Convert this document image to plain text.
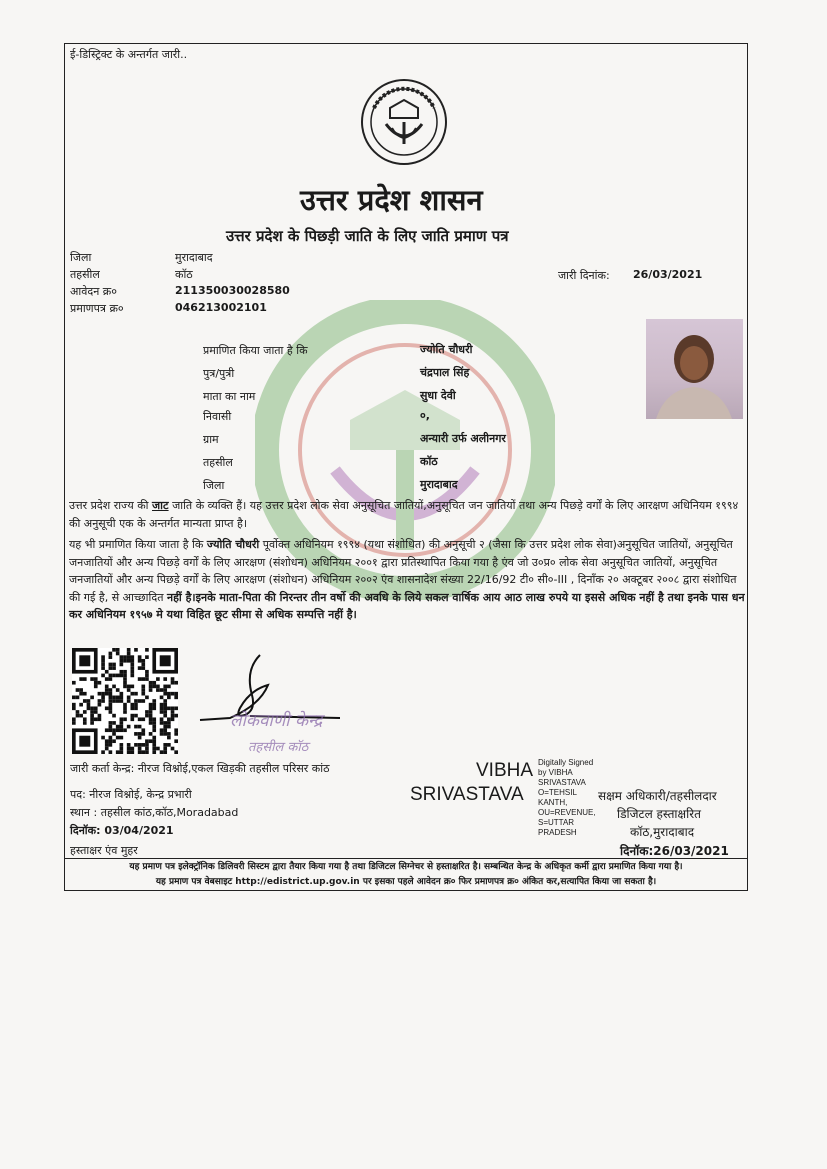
ई-डिस्ट्रिक्ट के अन्तर्गत जारी..
उत्तर प्रदेश शासन
उत्तर प्रदेश के पिछड़ी जाति के लिए जाति प्रमाण पत्र
जिला	मुरादाबाद
तहसील	कॉठ
आवेदन क्र०	211350030028580
प्रमाणपत्र क्र०	046213002101
जारी दिनांक: 26/03/2021
प्रमाणित किया जाता है कि	ज्योति चौधरी
पुत्र/पुत्री	चंद्रपाल सिंह
माता का नाम	सुधा देवी
निवासी	०,
ग्राम	अन्यारी उर्फ अलीनगर
तहसील	कॉठ
जिला	मुरादाबाद
उत्तर प्रदेश राज्य की जाट जाति के व्यक्ति हैं। यह उत्तर प्रदेश लोक सेवा अनुसूचित जातियों,अनुसूचित जन जातियों तथा अन्य पिछड़े वर्गों के लिए आरक्षण अधिनियम १९९४ की अनुसूची एक के अन्तर्गत मान्यता प्राप्त है।
यह भी प्रमाणित किया जाता है कि ज्योति चौधरी पूर्वोक्त अधिनियम १९९४ (यथा संशोधित) की अनुसूची २ (जैसा कि उत्तर प्रदेश लोक सेवा)अनुसूचित जातियों, अनुसूचित जनजातियों और अन्य पिछड़े वर्गों के लिए आरक्षण (संशोधन) अधिनियम २००१ द्वारा प्रतिस्थापित किया गया है एंव जो उ०प्र० लोक सेवा अनुसूचित जातियों, अनुसूचित जनजातियों और अन्य पिछड़े वर्गों के लिए आरक्षण (संशोधन) अधिनियम २००२ एंव शासनादेश संख्या 22/16/92 टी० सी०-III , दिनाँक २० अक्टूबर २००८ द्वारा संशोधित की गई है, से आच्छादित नहीं है।इनके माता-पिता की निरन्तर तीन वर्षो की अवधि के लिये सकल वार्षिक आय आठ लाख रुपये या इससे अधिक नहीं है तथा इनके पास धन कर अधिनियम १९५७ मे यथा विहित छूट सीमा से अधिक सम्पत्ति नहीं है।
लोकवाणी केन्द्र
तहसील कॉठ
जारी कर्ता केन्द्र: नीरज विश्नोई,एकल खिड़की तहसील परिसर कांठ
पद: नीरज विश्नोई, केन्द्र प्रभारी
स्थान : तहसील कांठ,कॉठ,Moradabad
दिनॉक: 03/04/2021
हस्ताक्षर एंव मुहर
VIBHA
SRIVASTAVA
Digitally Signed
by VIBHA
SRIVASTAVA
O=TEHSIL
KANTH,
OU=REVENUE,
S=UTTAR
PRADESH
सक्षम अधिकारी/तहसीलदार
डिजिटल हस्ताक्षरित
कॉठ,मुरादाबाद
दिनॉक:26/03/2021
यह प्रमाण पत्र इलेक्ट्रॉनिक डिलिवरी सिस्टम द्वारा तैयार किया गया है तथा डिजिटल सिग्नेचर से हस्ताक्षरित है। सम्बन्धित केन्द्र के अधिकृत कर्मी द्वारा प्रमाणित किया गया है।
यह प्रमाण पत्र वेबसाइट http://edistrict.up.gov.in पर इसका पहले आवेदन क्र० फिर प्रमाणपत्र क्र० अंकित कर,सत्यापित किया जा सकता है।
